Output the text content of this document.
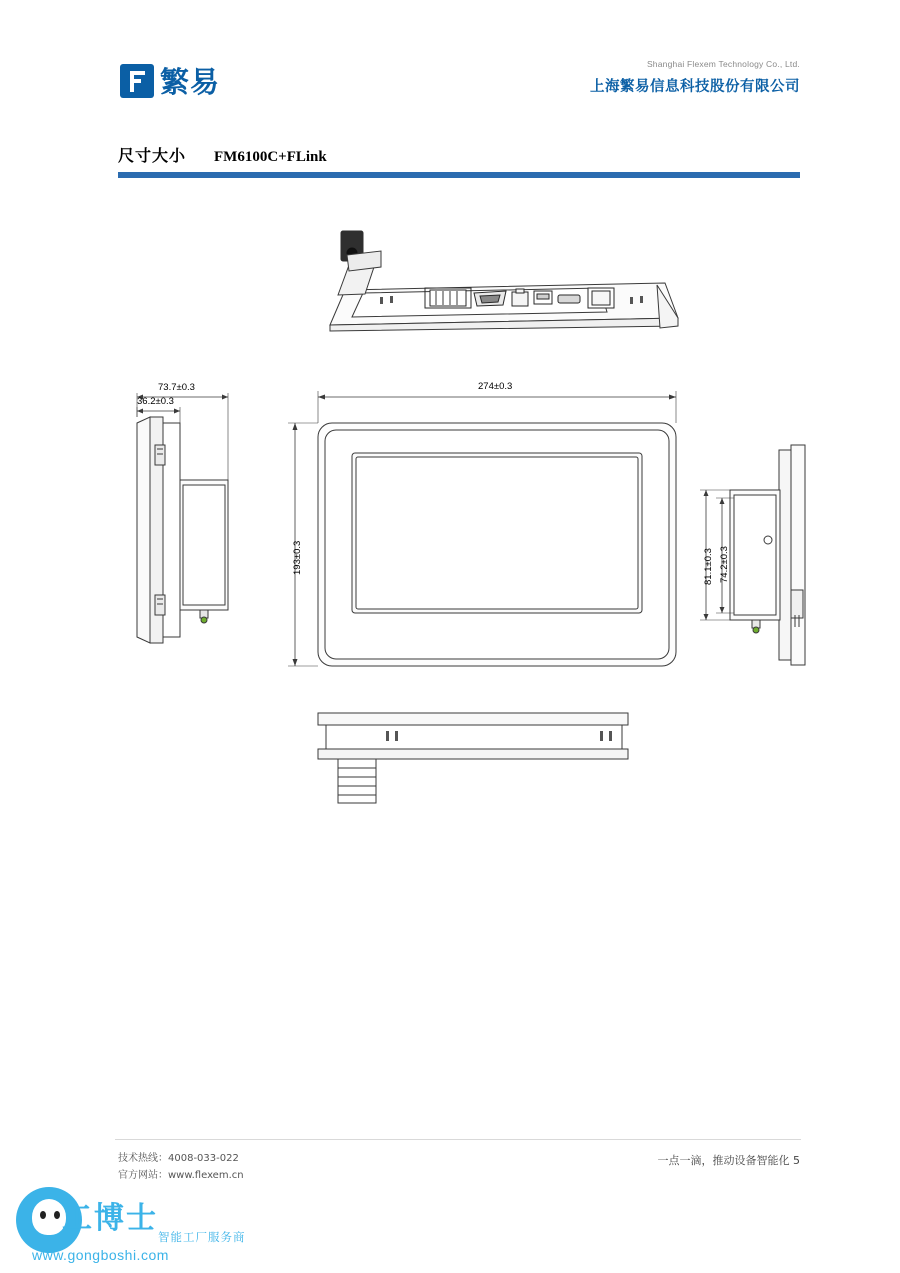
繁易
Shanghai Flexem Technology Co., Ltd.
上海繁易信息科技股份有限公司
尺寸大小 FM6100C+FLink
73.7±0.3
36.2±0.3
274±0.3
193±0.3	81.1±0.3 74.2±0.3
技术热线：4008-033-022
官方网站：www.flexem.cn
一点一滴，推动设备智能化 5
工博士
智能工厂服务商
www.gongboshi.com
